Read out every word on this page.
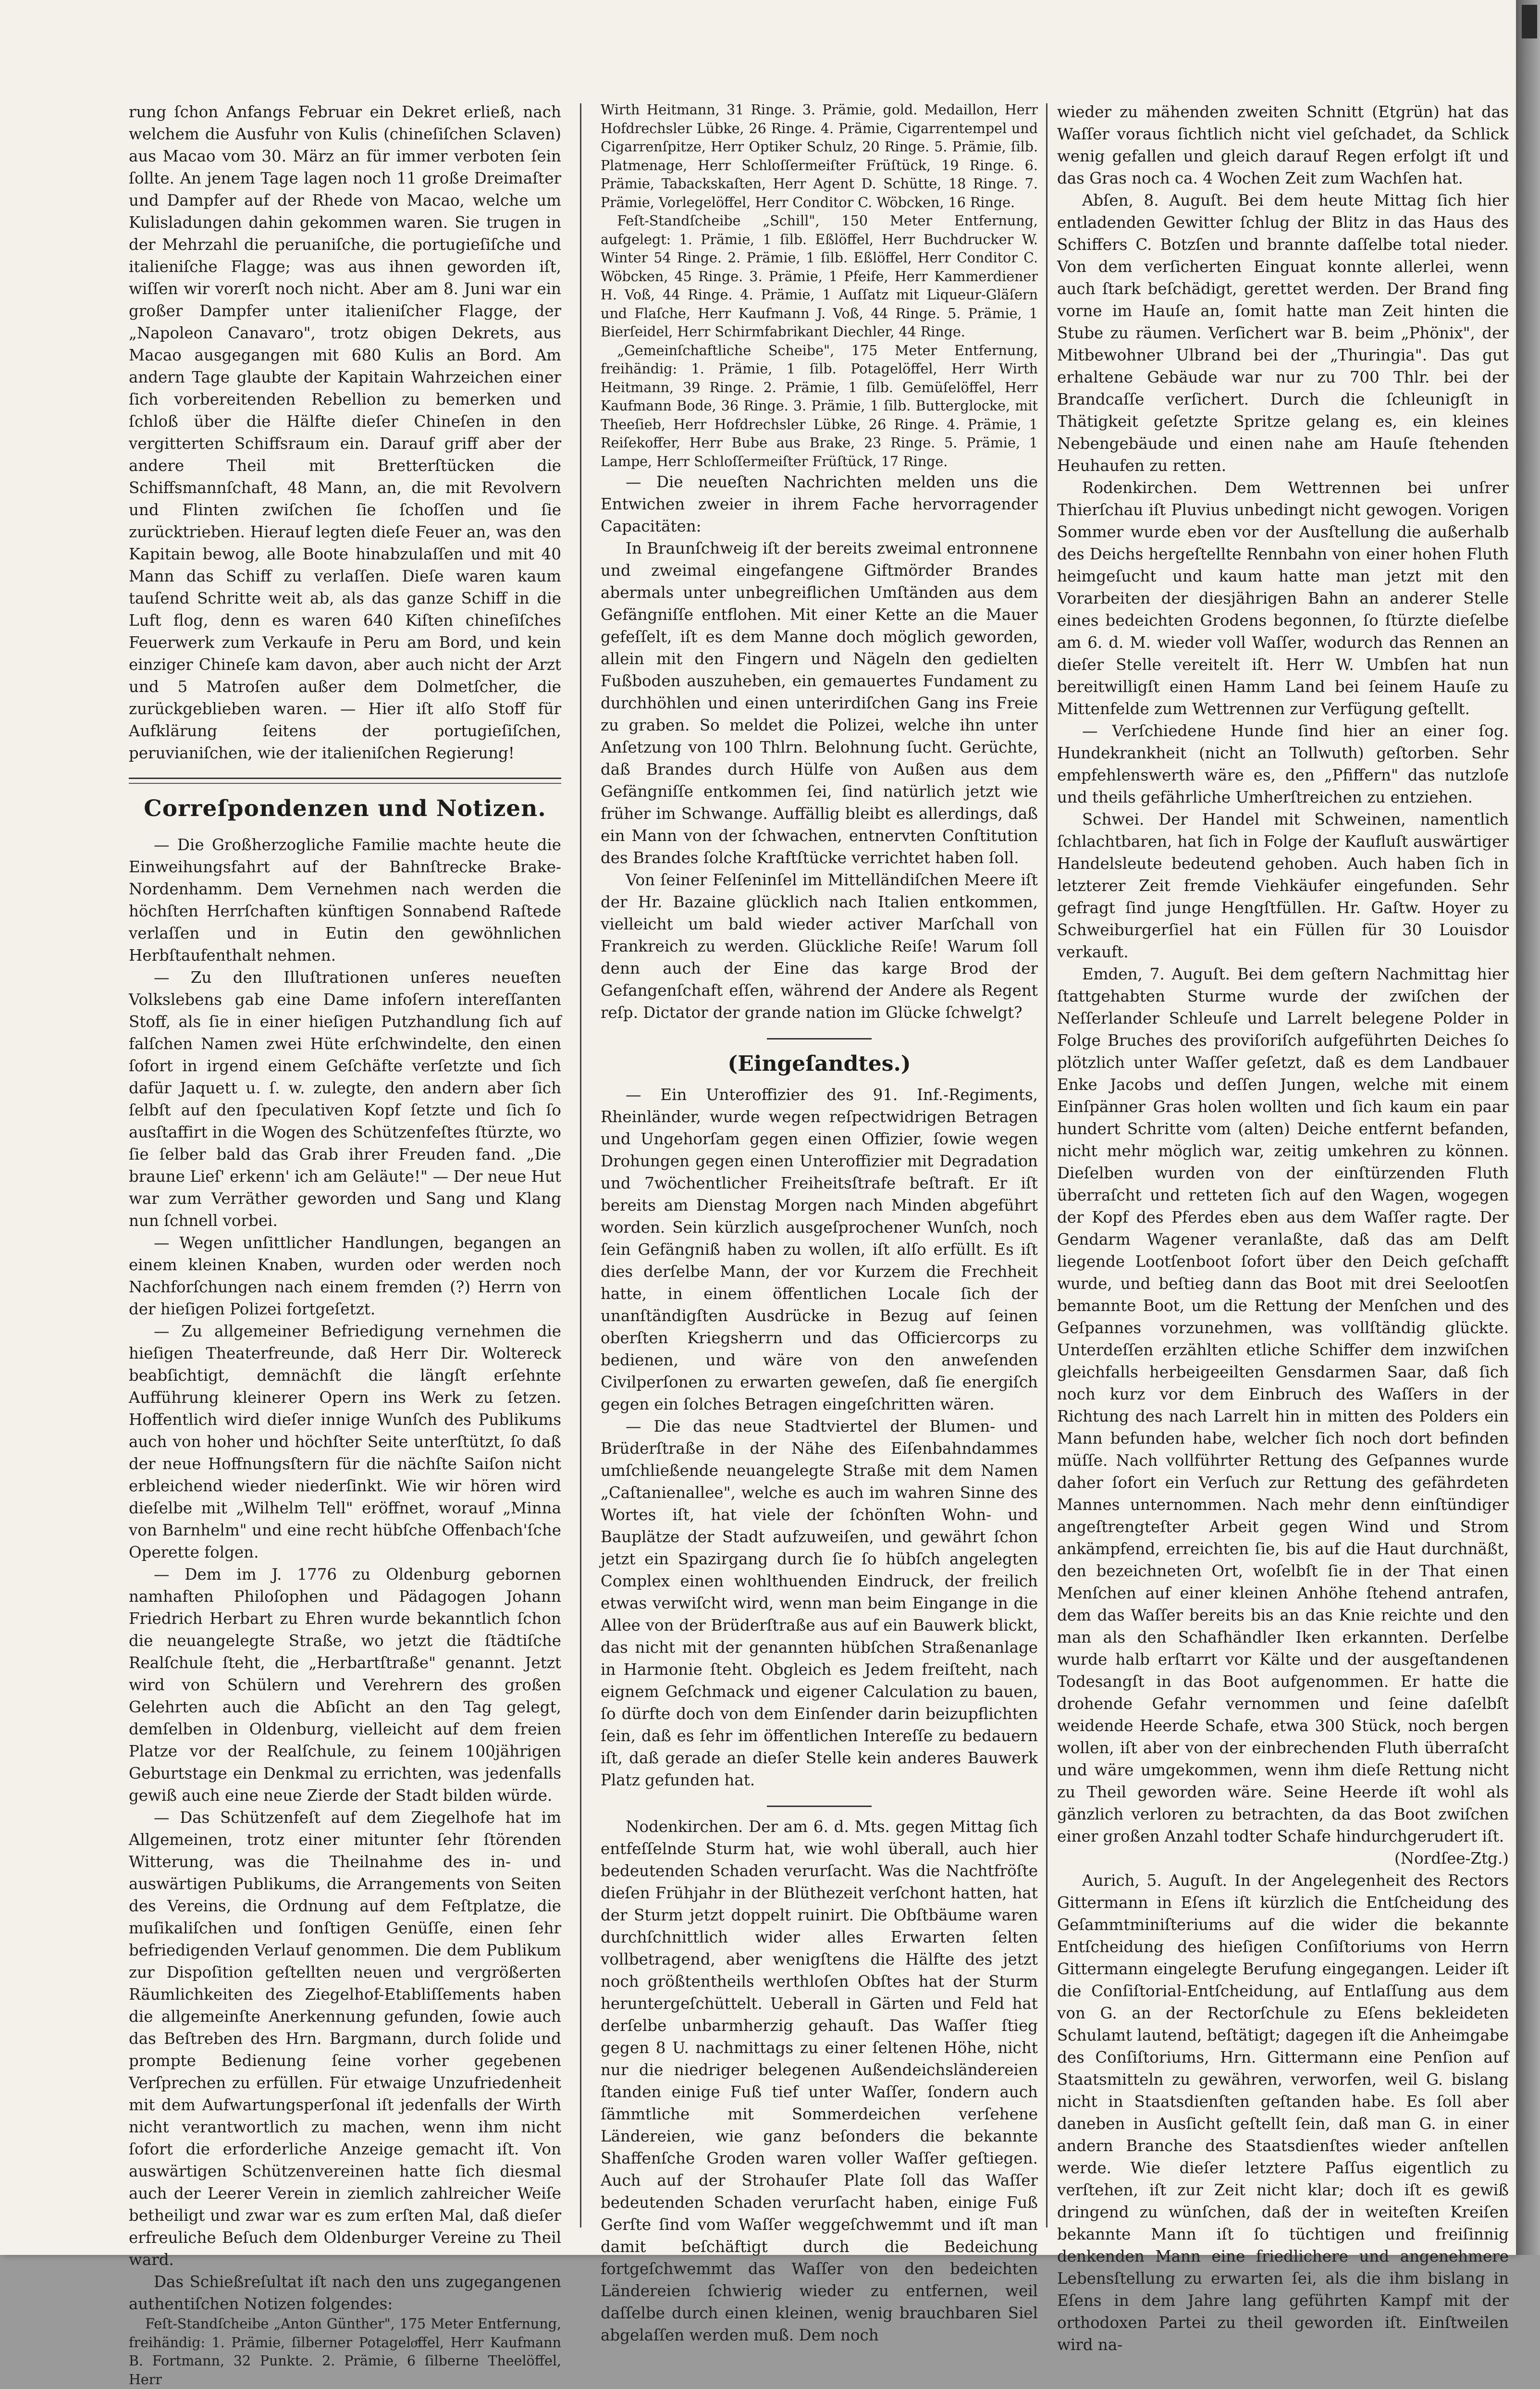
rung ſchon Anfangs Februar ein Dekret erließ, nach welchem die Ausfuhr von Kulis (chineſiſchen Sclaven) aus Macao vom 30. März an für immer verboten ſein ſollte. An jenem Tage lagen noch 11 große Dreimaſter und Dampfer auf der Rhede von Macao, welche um Kulisladungen dahin gekommen waren. Sie trugen in der Mehrzahl die peruaniſche, die portugieſiſche und italieniſche Flagge; was aus ihnen geworden iſt, wiſſen wir vorerſt noch nicht. Aber am 8. Juni war ein großer Dampfer unter italieniſcher Flagge, der „Napoleon Canavaro", trotz obigen Dekrets, aus Macao ausgegangen mit 680 Kulis an Bord. Am andern Tage glaubte der Kapitain Wahrzeichen einer ſich vorbereitenden Rebellion zu bemerken und ſchloß über die Hälfte dieſer Chineſen in den vergitterten Schiffsraum ein. Darauf griff aber der andere Theil mit Bretterſtücken die Schiffsmannſchaft, 48 Mann, an, die mit Revolvern und Flinten zwiſchen ſie ſchoſſen und ſie zurücktrieben. Hierauf legten dieſe Feuer an, was den Kapitain bewog, alle Boote hinabzulaſſen und mit 40 Mann das Schiff zu verlaſſen. Dieſe waren kaum tauſend Schritte weit ab, als das ganze Schiff in die Luft flog, denn es waren 640 Kiſten chineſiſches Feuerwerk zum Verkaufe in Peru am Bord, und kein einziger Chineſe kam davon, aber auch nicht der Arzt und 5 Matroſen außer dem Dolmetſcher, die zurückgeblieben waren. — Hier iſt alſo Stoff für Aufklärung ſeitens der portugieſiſchen, peruvianiſchen, wie der italieniſchen Regierung!

Correſpondenzen und Notizen.

— Die Großherzogliche Familie machte heute die Einweihungsfahrt auf der Bahnſtrecke Brake-Nordenhamm. Dem Vernehmen nach werden die höchſten Herrſchaften künftigen Sonnabend Raſtede verlaſſen und in Eutin den gewöhnlichen Herbſtaufenthalt nehmen.

— Zu den Illuſtrationen unſeres neueſten Volkslebens gab eine Dame infoſern intereſſanten Stoff, als ſie in einer hieſigen Putzhandlung ſich auf falſchen Namen zwei Hüte erſchwindelte, den einen ſofort in irgend einem Geſchäfte verſetzte und ſich dafür Jaquett u. ſ. w. zulegte, den andern aber ſich ſelbſt auf den ſpeculativen Kopf ſetzte und ſich ſo ausſtaffirt in die Wogen des Schützenfeſtes ſtürzte, wo ſie ſelber bald das Grab ihrer Freuden fand. „Die braune Lieſ' erkenn' ich am Geläute!" — Der neue Hut war zum Verräther geworden und Sang und Klang nun ſchnell vorbei.

— Wegen unſittlicher Handlungen, begangen an einem kleinen Knaben, wurden oder werden noch Nachforſchungen nach einem fremden (?) Herrn von der hieſigen Polizei fortgeſetzt.

— Zu allgemeiner Befriedigung vernehmen die hieſigen Theaterfreunde, daß Herr Dir. Woltereck beabſichtigt, demnächſt die längſt erſehnte Aufführung kleinerer Opern ins Werk zu ſetzen. Hoffentlich wird dieſer innige Wunſch des Publikums auch von hoher und höchſter Seite unterſtützt, ſo daß der neue Hoffnungsſtern für die nächſte Saiſon nicht erbleichend wieder niederſinkt. Wie wir hören wird dieſelbe mit „Wilhelm Tell" eröffnet, worauf „Minna von Barnhelm" und eine recht hübſche Offenbach'ſche Operette folgen.

— Dem im J. 1776 zu Oldenburg gebornen namhaften Philoſophen und Pädagogen Johann Friedrich Herbart zu Ehren wurde bekanntlich ſchon die neuangelegte Straße, wo jetzt die ſtädtiſche Realſchule ſteht, die „Herbartſtraße" genannt. Jetzt wird von Schülern und Verehrern des großen Gelehrten auch die Abſicht an den Tag gelegt, demſelben in Oldenburg, vielleicht auf dem freien Platze vor der Realſchule, zu ſeinem 100jährigen Geburtstage ein Denkmal zu errichten, was jedenfalls gewiß auch eine neue Zierde der Stadt bilden würde.

— Das Schützenfeſt auf dem Ziegelhofe hat im Allgemeinen, trotz einer mitunter ſehr ſtörenden Witterung, was die Theilnahme des in- und auswärtigen Publikums, die Arrangements von Seiten des Vereins, die Ordnung auf dem Feſtplatze, die muſikaliſchen und ſonſtigen Genüſſe, einen ſehr befriedigenden Verlauf genommen. Die dem Publikum zur Dispoſition geſtellten neuen und vergrößerten Räumlichkeiten des Ziegelhof-Etabliſſements haben die allgemeinſte Anerkennung gefunden, ſowie auch das Beſtreben des Hrn. Bargmann, durch ſolide und prompte Bedienung ſeine vorher gegebenen Verſprechen zu erfüllen. Für etwaige Unzufriedenheit mit dem Aufwartungsperſonal iſt jedenfalls der Wirth nicht verantwortlich zu machen, wenn ihm nicht ſofort die erforderliche Anzeige gemacht iſt. Von auswärtigen Schützenvereinen hatte ſich diesmal auch der Leerer Verein in ziemlich zahlreicher Weiſe betheiligt und zwar war es zum erſten Mal, daß dieſer erfreuliche Beſuch dem Oldenburger Vereine zu Theil ward.

Das Schießreſultat iſt nach den uns zugegangenen authentiſchen Notizen folgendes:

Feſt-Standſcheibe „Anton Günther", 175 Meter Entfernung, freihändig: 1. Prämie, ſilberner Potageloͤffel, Herr Kaufmann B. Fortmann, 32 Punkte. 2. Prämie, 6 ſilberne Theelöffel, Herr

Wirth Heitmann, 31 Ringe. 3. Prämie, gold. Medaillon, Herr Hofdrechsler Lübke, 26 Ringe. 4. Prämie, Cigarrentempel und Cigarrenſpitze, Herr Optiker Schulz, 20 Ringe. 5. Prämie, ſilb. Platmenage, Herr Schloſſermeiſter Früſtück, 19 Ringe. 6. Prämie, Tabackskaſten, Herr Agent D. Schütte, 18 Ringe. 7. Prämie, Vorlegelöffel, Herr Conditor C. Wöbcken, 16 Ringe.

Feſt-Standſcheibe „Schill", 150 Meter Entfernung, aufgelegt: 1. Prämie, 1 ſilb. Eßlöffel, Herr Buchdrucker W. Winter 54 Ringe. 2. Prämie, 1 ſilb. Eßlöffel, Herr Conditor C. Wöbcken, 45 Ringe. 3. Prämie, 1 Pfeife, Herr Kammerdiener H. Voß, 44 Ringe. 4. Prämie, 1 Auſſatz mit Liqueur-Gläſern und Flaſche, Herr Kaufmann J. Voß, 44 Ringe. 5. Prämie, 1 Bierſeidel, Herr Schirmfabrikant Diechler, 44 Ringe.

„Gemeinſchaftliche Scheibe", 175 Meter Entfernung, freihändig: 1. Prämie, 1 ſilb. Potagelöffel, Herr Wirth Heitmann, 39 Ringe. 2. Prämie, 1 ſilb. Gemüſelöffel, Herr Kaufmann Bode, 36 Ringe. 3. Prämie, 1 ſilb. Butterglocke, mit Theeſieb, Herr Hofdrechsler Lübke, 26 Ringe. 4. Prämie, 1 Reiſekoffer, Herr Bube aus Brake, 23 Ringe. 5. Prämie, 1 Lampe, Herr Schloſſermeiſter Früſtück, 17 Ringe.

— Die neueſten Nachrichten melden uns die Entwichen zweier in ihrem Fache hervorragender Capacitäten:

In Braunſchweig iſt der bereits zweimal entronnene und zweimal eingefangene Giftmörder Brandes abermals unter unbegreiflichen Umſtänden aus dem Gefängniſſe entflohen. Mit einer Kette an die Mauer gefeſſelt, iſt es dem Manne doch möglich geworden, allein mit den Fingern und Nägeln den gedielten Fußboden auszuheben, ein gemauertes Fundament zu durchhöhlen und einen unterirdiſchen Gang ins Freie zu graben. So meldet die Polizei, welche ihn unter Anſetzung von 100 Thlrn. Belohnung ſucht. Gerüchte, daß Brandes durch Hülfe von Außen aus dem Gefängniſſe entkommen ſei, ſind natürlich jetzt wie früher im Schwange. Auffällig bleibt es allerdings, daß ein Mann von der ſchwachen, entnervten Conſtitution des Brandes ſolche Kraftſtücke verrichtet haben ſoll.

Von ſeiner Felſeninſel im Mittelländiſchen Meere iſt der Hr. Bazaine glücklich nach Italien entkommen, vielleicht um bald wieder activer Marſchall von Frankreich zu werden. Glückliche Reiſe! Warum ſoll denn auch der Eine das karge Brod der Gefangenſchaft eſſen, während der Andere als Regent reſp. Dictator der grande nation im Glücke ſchwelgt?

(Eingeſandtes.)

— Ein Unteroffizier des 91. Inf.-Regiments, Rheinländer, wurde wegen reſpectwidrigen Betragen und Ungehorſam gegen einen Offizier, ſowie wegen Drohungen gegen einen Unteroffizier mit Degradation und 7wöchentlicher Freiheitsſtrafe beſtraft. Er iſt bereits am Dienstag Morgen nach Minden abgeführt worden. Sein kürzlich ausgeſprochener Wunſch, noch ſein Gefängniß haben zu wollen, iſt alſo erfüllt. Es iſt dies derſelbe Mann, der vor Kurzem die Frechheit hatte, in einem öffentlichen Locale ſich der unanſtändigſten Ausdrücke in Bezug auf ſeinen oberſten Kriegsherrn und das Officiercorps zu bedienen, und wäre von den anweſenden Civilperſonen zu erwarten geweſen, daß ſie energiſch gegen ein ſolches Betragen eingeſchritten wären.

— Die das neue Stadtviertel der Blumen- und Brüderſtraße in der Nähe des Eiſenbahndammes umſchließende neuangelegte Straße mit dem Namen „Caſtanienallee", welche es auch im wahren Sinne des Wortes iſt, hat viele der ſchönſten Wohn- und Bauplätze der Stadt aufzuweiſen, und gewährt ſchon jetzt ein Spazirgang durch ſie ſo hübſch angelegten Complex einen wohlthuenden Eindruck, der freilich etwas verwiſcht wird, wenn man beim Eingange in die Allee von der Brüderſtraße aus auf ein Bauwerk blickt, das nicht mit der genannten hübſchen Straßenanlage in Harmonie ſteht. Obgleich es Jedem freiſteht, nach eignem Geſchmack und eigener Calculation zu bauen, ſo dürfte doch von dem Einſender darin beizupflichten ſein, daß es ſehr im öffentlichen Intereſſe zu bedauern iſt, daß gerade an dieſer Stelle kein anderes Bauwerk Platz gefunden hat.

Nodenkirchen. Der am 6. d. Mts. gegen Mittag ſich entfeſſelnde Sturm hat, wie wohl überall, auch hier bedeutenden Schaden verurſacht. Was die Nachtfröſte dieſen Frühjahr in der Blüthezeit verſchont hatten, hat der Sturm jetzt doppelt ruinirt. Die Obſtbäume waren durchſchnittlich wider alles Erwarten ſelten vollbetragend, aber wenigſtens die Hälfte des jetzt noch größtentheils werthloſen Obſtes hat der Sturm heruntergeſchüttelt. Ueberall in Gärten und Feld hat derſelbe unbarmherzig gehauſt. Das Waſſer ſtieg gegen 8 U. nachmittags zu einer ſeltenen Höhe, nicht nur die niedriger belegenen Außendeichsländereien ſtanden einige Fuß tief unter Waſſer, ſondern auch ſämmtliche mit Sommerdeichen verſehene Ländereien, wie ganz beſonders die bekannte Shaffenſche Groden waren voller Waſſer geſtiegen. Auch auf der Strohauſer Plate ſoll das Waſſer bedeutenden Schaden verurſacht haben, einige Fuß Gerſte ſind vom Waſſer weggeſchwemmt und iſt man damit beſchäftigt durch die Bedeichung fortgeſchwemmt das Waſſer von den bedeichten Ländereien ſchwierig wieder zu entfernen, weil daſſelbe durch einen kleinen, wenig brauchbaren Siel abgelaſſen werden muß. Dem noch

wieder zu mähenden zweiten Schnitt (Etgrün) hat das Waſſer voraus ſichtlich nicht viel geſchadet, da Schlick wenig gefallen und gleich darauf Regen erfolgt iſt und das Gras noch ca. 4 Wochen Zeit zum Wachſen hat.

Abſen, 8. Auguſt. Bei dem heute Mittag ſich hier entladenden Gewitter ſchlug der Blitz in das Haus des Schiffers C. Botzſen und brannte daſſelbe total nieder. Von dem verſicherten Einguat konnte allerlei, wenn auch ſtark beſchädigt, gerettet werden. Der Brand fing vorne im Hauſe an, ſomit hatte man Zeit hinten die Stube zu räumen. Verſichert war B. beim „Phönix", der Mitbewohner Ulbrand bei der „Thuringia". Das gut erhaltene Gebäude war nur zu 700 Thlr. bei der Brandcaſſe verſichert. Durch die ſchleunigſt in Thätigkeit geſetzte Spritze gelang es, ein kleines Nebengebäude und einen nahe am Hauſe ſtehenden Heuhaufen zu retten.

Rodenkirchen. Dem Wettrennen bei unſrer Thierſchau iſt Pluvius unbedingt nicht gewogen. Vorigen Sommer wurde eben vor der Ausſtellung die außerhalb des Deichs hergeſtellte Rennbahn von einer hohen Fluth heimgeſucht und kaum hatte man jetzt mit den Vorarbeiten der diesjährigen Bahn an anderer Stelle eines bedeichten Grodens begonnen, ſo ſtürzte dieſelbe am 6. d. M. wieder voll Waſſer, wodurch das Rennen an dieſer Stelle vereitelt iſt. Herr W. Umbſen hat nun bereitwilligſt einen Hamm Land bei ſeinem Hauſe zu Mittenfelde zum Wettrennen zur Verfügung geſtellt.

— Verſchiedene Hunde ſind hier an einer ſog. Hundekrankheit (nicht an Tollwuth) geſtorben. Sehr empfehlenswerth wäre es, den „Pfiffern" das nutzloſe und theils gefährliche Umherſtreichen zu entziehen.

Schwei. Der Handel mit Schweinen, namentlich ſchlachtbaren, hat ſich in Folge der Kaufluſt auswärtiger Handelsleute bedeutend gehoben. Auch haben ſich in letzterer Zeit fremde Viehkäufer eingefunden. Sehr gefragt ſind junge Hengſtfüllen. Hr. Gaſtw. Hoyer zu Schweiburgerſiel hat ein Füllen für 30 Louisdor verkauft.

Emden, 7. Auguſt. Bei dem geſtern Nachmittag hier ſtattgehabten Sturme wurde der zwiſchen der Neſſerlander Schleuſe und Larrelt belegene Polder in Folge Bruches des proviſoriſch aufgeführten Deiches ſo plötzlich unter Waſſer geſetzt, daß es dem Landbauer Enke Jacobs und deſſen Jungen, welche mit einem Einſpänner Gras holen wollten und ſich kaum ein paar hundert Schritte vom (alten) Deiche entfernt befanden, nicht mehr möglich war, zeitig umkehren zu können. Dieſelben wurden von der einſtürzenden Fluth überraſcht und retteten ſich auf den Wagen, wogegen der Kopf des Pferdes eben aus dem Waſſer ragte. Der Gendarm Wagener veranlaßte, daß das am Delft liegende Lootſenboot ſofort über den Deich geſchafft wurde, und beſtieg dann das Boot mit drei Seelootſen bemannte Boot, um die Rettung der Menſchen und des Geſpannes vorzunehmen, was vollſtändig glückte. Unterdeſſen erzählten etliche Schiffer dem inzwiſchen gleichfalls herbeigeeilten Gensdarmen Saar, daß ſich noch kurz vor dem Einbruch des Waſſers in der Richtung des nach Larrelt hin in mitten des Polders ein Mann befunden habe, welcher ſich noch dort befinden müſſe. Nach vollführter Rettung des Geſpannes wurde daher ſofort ein Verſuch zur Rettung des gefährdeten Mannes unternommen. Nach mehr denn einſtündiger angeſtrengteſter Arbeit gegen Wind und Strom ankämpfend, erreichten ſie, bis auf die Haut durchnäßt, den bezeichneten Ort, woſelbſt ſie in der That einen Menſchen auf einer kleinen Anhöhe ſtehend antrafen, dem das Waſſer bereits bis an das Knie reichte und den man als den Schafhändler Iken erkannten. Derſelbe wurde halb erſtarrt vor Kälte und der ausgeſtandenen Todesangſt in das Boot aufgenommen. Er hatte die drohende Gefahr vernommen und ſeine daſelbſt weidende Heerde Schafe, etwa 300 Stück, noch bergen wollen, iſt aber von der einbrechenden Fluth überraſcht und wäre umgekommen, wenn ihm dieſe Rettung nicht zu Theil geworden wäre. Seine Heerde iſt wohl als gänzlich verloren zu betrachten, da das Boot zwiſchen einer großen Anzahl todter Schafe hindurchgerudert iſt.

(Nordſee-Ztg.)

Aurich, 5. Auguſt. In der Angelegenheit des Rectors Gittermann in Eſens iſt kürzlich die Entſcheidung des Geſammtminiſteriums auf die wider die bekannte Entſcheidung des hieſigen Conſiſtoriums von Herrn Gittermann eingelegte Berufung eingegangen. Leider iſt die Conſiſtorial-Entſcheidung, auf Entlaſſung aus dem von G. an der Rectorſchule zu Eſens bekleideten Schulamt lautend, beſtätigt; dagegen iſt die Anheimgabe des Conſiſtoriums, Hrn. Gittermann eine Penſion auf Staatsmitteln zu gewähren, verworfen, weil G. bislang nicht in Staatsdienſten geſtanden habe. Es ſoll aber daneben in Ausſicht geſtellt ſein, daß man G. in einer andern Branche des Staatsdienſtes wieder anſtellen werde. Wie dieſer letztere Paſſus eigentlich zu verſtehen, iſt zur Zeit nicht klar; doch iſt es gewiß dringend zu wünſchen, daß der in weiteſten Kreiſen bekannte Mann iſt ſo tüchtigen und freiſinnig denkenden Mann eine friedlichere und angenehmere Lebensſtellung zu erwarten ſei, als die ihm bislang in Eſens in dem Jahre lang geführten Kampf mit der orthodoxen Partei zu theil geworden iſt. Einſtweilen wird na-
